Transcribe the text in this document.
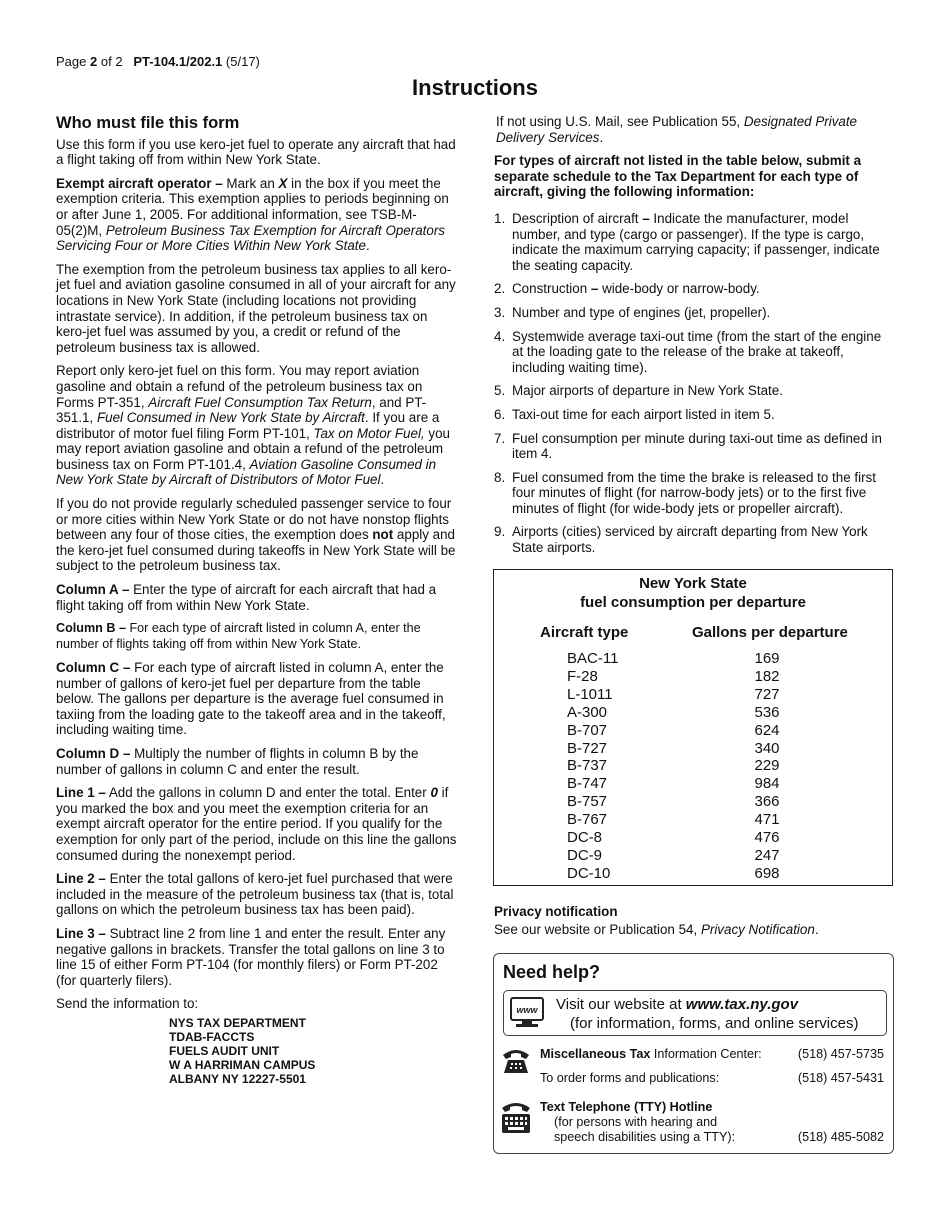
Page 2 of 2 PT-104.1/202.1 (5/17)
Instructions
Who must file this form

Use this form if you use kero-jet fuel to operate any aircraft that had a flight taking off from within New York State.

Exempt aircraft operator – Mark an X in the box if you meet the exemption criteria. This exemption applies to periods beginning on or after June 1, 2005. For additional information, see TSB-M-05(2)M, Petroleum Business Tax Exemption for Aircraft Operators Servicing Four or More Cities Within New York State.

The exemption from the petroleum business tax applies to all kero-jet fuel and aviation gasoline consumed in all of your aircraft for any locations in New York State (including locations not providing intrastate service). In addition, if the petroleum business tax on kero-jet fuel was assumed by you, a credit or refund of the petroleum business tax is allowed.

Report only kero-jet fuel on this form. You may report aviation gasoline and obtain a refund of the petroleum business tax on Forms PT-351, Aircraft Fuel Consumption Tax Return, and PT-351.1, Fuel Consumed in New York State by Aircraft. If you are a distributor of motor fuel filing Form PT-101, Tax on Motor Fuel, you may report aviation gasoline and obtain a refund of the petroleum business tax on Form PT-101.4, Aviation Gasoline Consumed in New York State by Aircraft of Distributors of Motor Fuel.

If you do not provide regularly scheduled passenger service to four or more cities within New York State or do not have nonstop flights between any four of those cities, the exemption does not apply and the kero-jet fuel consumed during takeoffs in New York State will be subject to the petroleum business tax.

Column A – Enter the type of aircraft for each aircraft that had a flight taking off from within New York State.

Column B – For each type of aircraft listed in column A, enter the number of flights taking off from within New York State.

Column C – For each type of aircraft listed in column A, enter the number of gallons of kero-jet fuel per departure from the table below. The gallons per departure is the average fuel consumed in taxiing from the loading gate to the takeoff area and in the takeoff, including waiting time.

Column D – Multiply the number of flights in column B by the number of gallons in column C and enter the result.

Line 1 – Add the gallons in column D and enter the total. Enter 0 if you marked the box and you meet the exemption criteria for an exempt aircraft operator for the entire period. If you qualify for the exemption for only part of the period, include on this line the gallons consumed during the nonexempt period.

Line 2 – Enter the total gallons of kero-jet fuel purchased that were included in the measure of the petroleum business tax (that is, total gallons on which the petroleum business tax has been paid).

Line 3 – Subtract line 2 from line 1 and enter the result. Enter any negative gallons in brackets. Transfer the total gallons on line 3 to line 15 of either Form PT-104 (for monthly filers) or Form PT-202 (for quarterly filers).

Send the information to:

NYS TAX DEPARTMENT
TDAB-FACCTS
FUELS AUDIT UNIT
W A HARRIMAN CAMPUS
ALBANY NY 12227-5501

If not using U.S. Mail, see Publication 55, Designated Private Delivery Services.

For types of aircraft not listed in the table below, submit a separate schedule to the Tax Department for each type of aircraft, giving the following information:

1. Description of aircraft – Indicate the manufacturer, model number, and type (cargo or passenger). If the type is cargo, indicate the maximum carrying capacity; if passenger, indicate the seating capacity.
2. Construction – wide-body or narrow-body.
3. Number and type of engines (jet, propeller).
4. Systemwide average taxi-out time (from the start of the engine at the loading gate to the release of the brake at takeoff, including waiting time).
5. Major airports of departure in New York State.
6. Taxi-out time for each airport listed in item 5.
7. Fuel consumption per minute during taxi-out time as defined in item 4.
8. Fuel consumed from the time the brake is released to the first four minutes of flight (for narrow-body jets) or to the first five minutes of flight (for wide-body jets or propeller aircraft).
9. Airports (cities) serviced by aircraft departing from New York State airports.
New York State
fuel consumption per departure
Aircraft type	Gallons per departure
BAC-11	169
F-28	182
L-1011	727
A-300	536
B-707	624
B-727	340
B-737	229
B-747	984
B-757	366
B-767	471
DC-8	476
DC-9	247
DC-10	698
Privacy notification
See our website or Publication 54, Privacy Notification.
Need help?
www Visit our website at www.tax.ny.gov
(for information, forms, and online services)
Miscellaneous Tax Information Center:	(518) 457-5735
To order forms and publications:	(518) 457-5431
Text Telephone (TTY) Hotline
(for persons with hearing and
speech disabilities using a TTY):	(518) 485-5082
